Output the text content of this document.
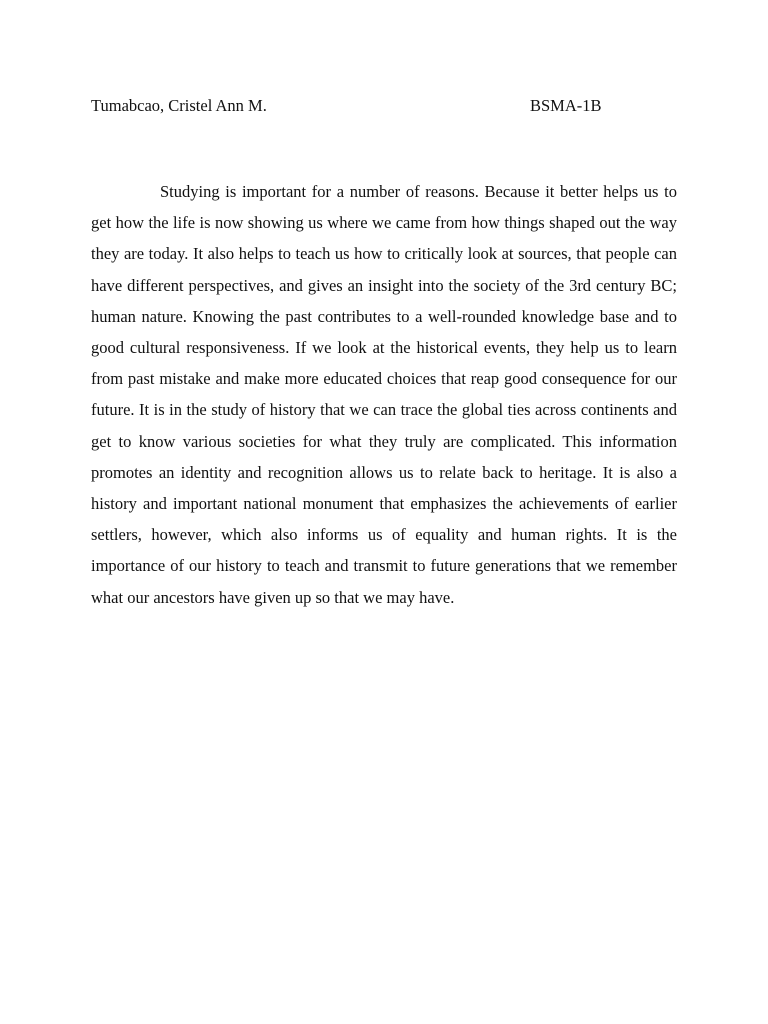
Tumabcao, Cristel Ann M.	BSMA-1B

Studying is important for a number of reasons. Because it better helps us to get how the life is now showing us where we came from how things shaped out the way they are today. It also helps to teach us how to critically look at sources, that people can have different perspectives, and gives an insight into the society of the 3rd century BC; human nature. Knowing the past contributes to a well-rounded knowledge base and to good cultural responsiveness. If we look at the historical events, they help us to learn from past mistake and make more educated choices that reap good consequence for our future. It is in the study of history that we can trace the global ties across continents and get to know various societies for what they truly are complicated. This information promotes an identity and recognition allows us to relate back to heritage. It is also a history and important national monument that emphasizes the achievements of earlier settlers, however, which also informs us of equality and human rights. It is the importance of our history to teach and transmit to future generations that we remember what our ancestors have given up so that we may have.
